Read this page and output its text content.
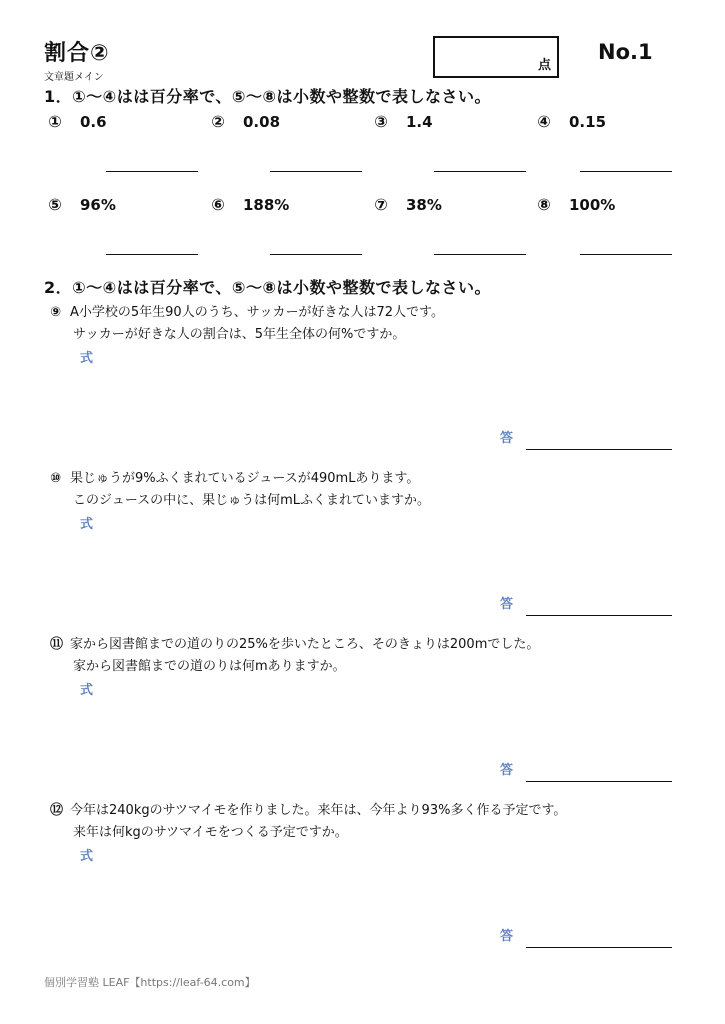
割合②
文章題メイン
点
No.1
1．①～④はは百分率で、⑤～⑧は小数や整数で表しなさい。
① 0.6	② 0.08	③ 1.4	④ 0.15
⑤ 96%	⑥ 188%	⑦ 38%	⑧ 100%
2．①～④はは百分率で、⑤～⑧は小数や整数で表しなさい。
⑨ A小学校の5年生90人のうち、サッカーが好きな人は72人です。
サッカーが好きな人の割合は、5年生全体の何%ですか。
式
答
⑩ 果じゅうが9%ふくまれているジュースが490mLあります。
このジュースの中に、果じゅうは何mLふくまれていますか。
式
答
⑪ 家から図書館までの道のりの25%を歩いたところ、そのきょりは200mでした。
家から図書館までの道のりは何mありますか。
式
答
⑫ 今年は240kgのサツマイモを作りました。来年は、今年より93%多く作る予定です。
来年は何kgのサツマイモをつくる予定ですか。
式
答
個別学習塾 LEAF【https://leaf-64.com】
